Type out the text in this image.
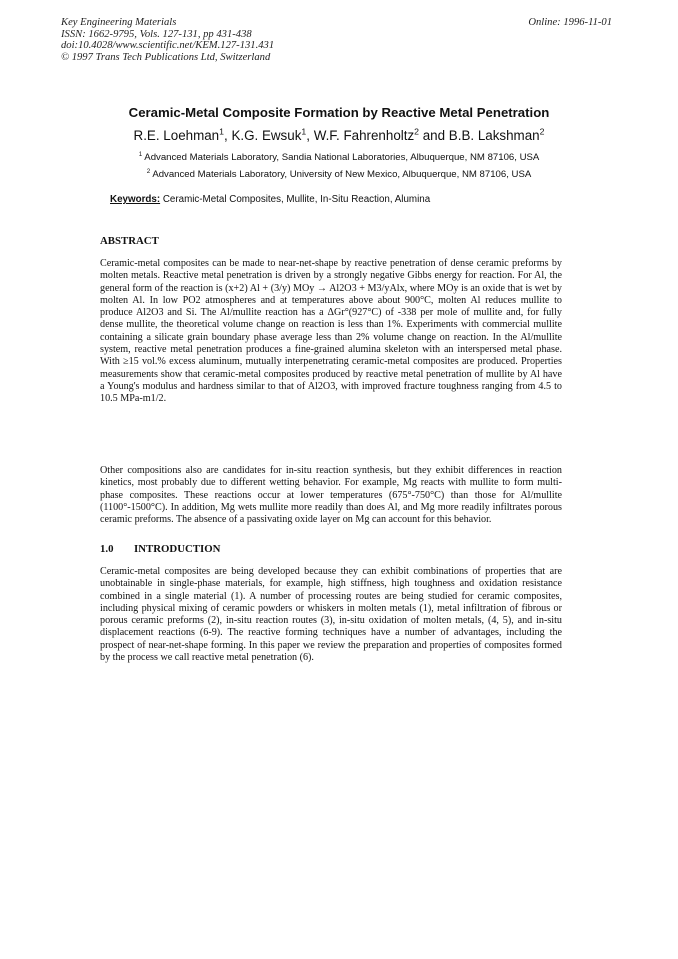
Key Engineering Materials
ISSN: 1662-9795, Vols. 127-131, pp 431-438
doi:10.4028/www.scientific.net/KEM.127-131.431
© 1997 Trans Tech Publications Ltd, Switzerland
Online: 1996-11-01
Ceramic-Metal Composite Formation by Reactive Metal Penetration
R.E. Loehman$^1$, K.G. Ewsuk$^1$, W.F. Fahrenholtz$^2$ and B.B. Lakshman$^2$
$^1$ Advanced Materials Laboratory, Sandia National Laboratories, Albuquerque, NM 87106, USA
$^2$ Advanced Materials Laboratory, University of New Mexico, Albuquerque, NM 87106, USA
Keywords: Ceramic-Metal Composites, Mullite, In-Situ Reaction, Alumina
ABSTRACT

Ceramic-metal composites can be made to near-net-shape by reactive penetration of dense ceramic preforms by molten metals. Reactive metal penetration is driven by a strongly negative Gibbs energy for reaction. For Al, the general form of the reaction is (x+2) Al + (3/y) MOy → Al2O3 + M3/yAlx, where MOy is an oxide that is wet by molten Al. In low PO2 atmospheres and at temperatures above about 900°C, molten Al reduces mullite to produce Al2O3 and Si. The Al/mullite reaction has a ΔGr°(927°C) of -338 per mole of mullite and, for fully dense mullite, the theoretical volume change on reaction is less than 1%. Experiments with commercial mullite containing a silicate grain boundary phase average less than 2% volume change on reaction. In the Al/mullite system, reactive metal penetration produces a fine-grained alumina skeleton with an interspersed metal phase. With ≥15 vol.% excess aluminum, mutually interpenetrating ceramic-metal composites are produced. Properties measurements show that ceramic-metal composites produced by reactive metal penetration of mullite by Al have a Young's modulus and hardness similar to that of Al2O3, with improved fracture toughness ranging from 4.5 to 10.5 MPa-m1/2.

Other compositions also are candidates for in-situ reaction synthesis, but they exhibit differences in reaction kinetics, most probably due to different wetting behavior. For example, Mg reacts with mullite to form multi-phase composites. These reactions occur at lower temperatures (675°-750°C) than those for Al/mullite (1100°-1500°C). In addition, Mg wets mullite more readily than does Al, and Mg more readily infiltrates porous ceramic preforms. The absence of a passivating oxide layer on Mg can account for this behavior.

1.0 INTRODUCTION

Ceramic-metal composites are being developed because they can exhibit combinations of properties that are unobtainable in single-phase materials, for example, high stiffness, high toughness and oxidation resistance combined in a single material (1). A number of processing routes are being studied for ceramic composites, including physical mixing of ceramic powders or whiskers in molten metals (1), metal infiltration of fibrous or porous ceramic preforms (2), in-situ reaction routes (3), in-situ oxidation of molten metals, (4, 5), and in-situ displacement reactions (6-9). The reactive forming techniques have a number of advantages, including the prospect of near-net-shape forming. In this paper we review the preparation and properties of composites formed by the process we call reactive metal penetration (6).
